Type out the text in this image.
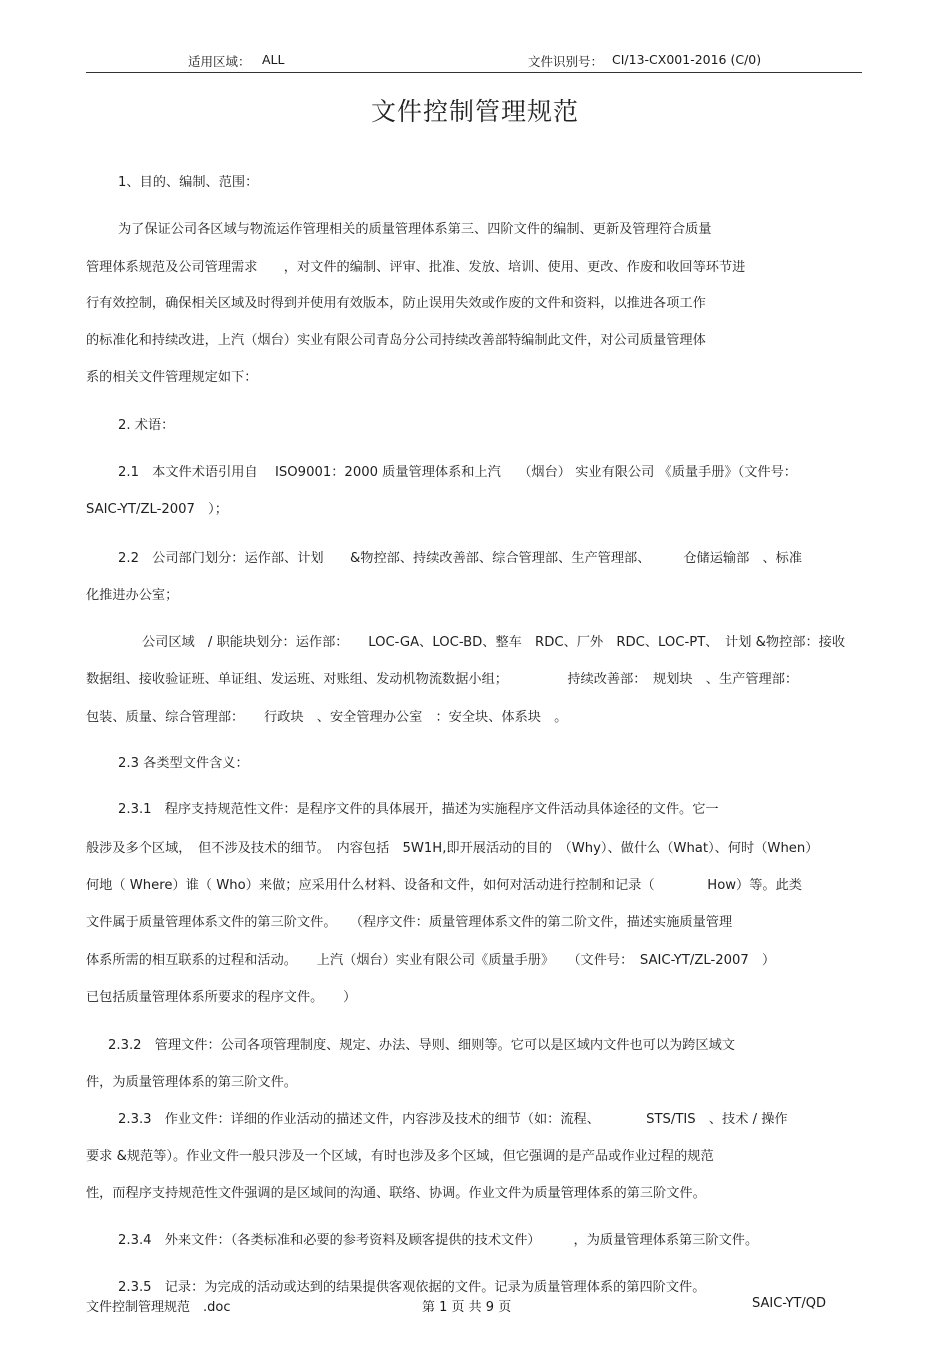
适用区域： ALL	文件识别号： CI/13-CX001-2016 (C/0)
文件控制管理规范
1、目的、编制、范围：
为了保证公司各区域与物流运作管理相关的质量管理体系第三、四阶文件的编制、更新及管理符合质量
管理体系规范及公司管理需求　　，对文件的编制、评审、批准、发放、培训、使用、更改、作废和收回等环节进
行有效控制，确保相关区域及时得到并使用有效版本，防止误用失效或作废的文件和资料，以推进各项工作
的标准化和持续改进，上汽（烟台）实业有限公司青岛分公司持续改善部特编制此文件，对公司质量管理体
系的相关文件管理规定如下：
2. 术语：
2.1　本文件术语引用自　 ISO9001：2000 质量管理体系和上汽　 （烟台） 实业有限公司 《质量手册》（文件号：
SAIC-YT/ZL-2007　）；
2.2　公司部门划分：运作部、计划　　&物控部、持续改善部、综合管理部、生产管理部、　　　仓储运输部　、标准
化推进办公室；
公司区域　/ 职能块划分：运作部：　　LOC-GA、LOC-BD、整车　RDC、厂外　RDC、LOC-PT、　计划 &物控部：接收
数据组、接收验证班、单证组、发运班、对账组、发动机物流数据小组；　　　　　持续改善部：　规划块　、生产管理部：
包装、质量、综合管理部：　　行政块　、安全管理办公室　：安全块、体系块　。
2.3 各类型文件含义：
2.3.1　程序支持规范性文件：是程序文件的具体展开，描述为实施程序文件活动具体途径的文件。它一
般涉及多个区域，　但不涉及技术的细节。　内容包括　5W1H,即开展活动的目的　（Why）、做什么（What）、何时（When）
何地（ Where）谁（ Who）来做；应采用什么材料、设备和文件，如何对活动进行控制和记录（　　　　How）等。此类
文件属于质量管理体系文件的第三阶文件。　　（程序文件：质量管理体系文件的第二阶文件，描述实施质量管理
体系所需的相互联系的过程和活动。　　上汽（烟台）实业有限公司《质量手册》　　（文件号：　SAIC-YT/ZL-2007　）
已包括质量管理体系所要求的程序文件。　　）
2.3.2　管理文件：公司各项管理制度、规定、办法、导则、细则等。它可以是区域内文件也可以为跨区域文
件，为质量管理体系的第三阶文件。
2.3.3　作业文件：详细的作业活动的描述文件，内容涉及技术的细节（如：流程、　　　　STS/TIS　、技术 / 操作
要求 &规范等）。作业文件一般只涉及一个区域，有时也涉及多个区域，但它强调的是产品或作业过程的规范
性，而程序支持规范性文件强调的是区域间的沟通、联络、协调。作业文件为质量管理体系的第三阶文件。
2.3.4　外来文件：（各类标准和必要的参考资料及顾客提供的技术文件）　　　，为质量管理体系第三阶文件。
2.3.5　记录：为完成的活动或达到的结果提供客观依据的文件。记录为质量管理体系的第四阶文件。
文件控制管理规范　.doc	第 1 页 共 9 页	SAIC-YT/QD
